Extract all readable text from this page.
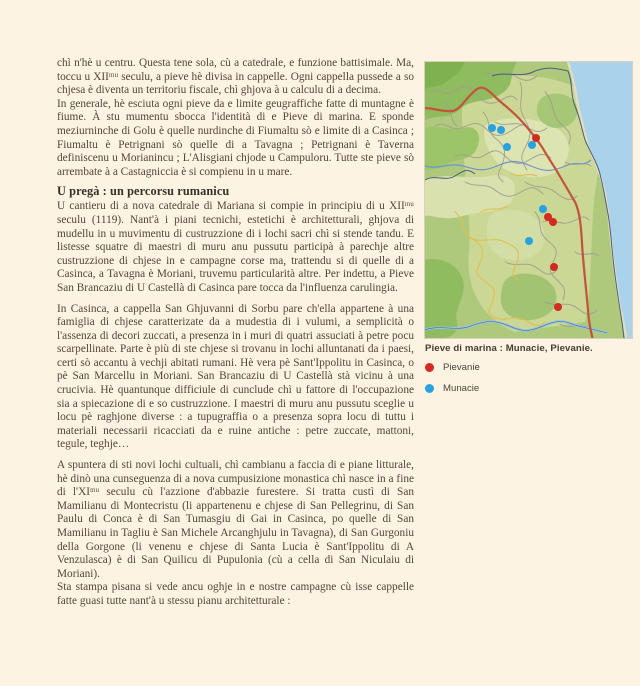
chì n'hè u centru. Questa tene sola, cù a catedrale, e funzione battisimale. Ma, toccu u XIIᵐᵘ seculu, a pieve hè divisa in cappelle. Ogni cappella pussede a so chjesa è diventa un territoriu fiscale, chì ghjova à u calculu di a decima.

In generale, hè esciuta ogni pieve da e limite geugraffiche fatte di muntagne è fiume. À stu mumentu sbocca l'identità di e Pieve di marina. E sponde meziurninche di Golu è quelle nurdinche di Fiumaltu sò e limite di a Casinca ; Fiumaltu è Petrignani sò quelle di a Tavagna ; Petrignani è Taverna definiscenu u Morianincu ; L'Alisgiani chjode u Campuloru. Tutte ste pieve sò arrembate à a Castagniccia è si compienu in u mare.

U pregà : un percorsu rumanicu

U cantieru di a nova catedrale di Mariana si compie in principiu di u XIIᵐᵘ seculu (1119). Nant'à i piani tecnichi, estetichi è architetturali, ghjova di mudellu in u muvimentu di custruzzione di i lochi sacri chì si stende tandu. E listesse squatre di maestri di muru anu pussutu participà à parechje altre custruzzione di chjese in e campagne corse ma, trattendu si di quelle di a Casinca, a Tavagna è Moriani, truvemu particularità altre. Per indettu, a Pieve San Brancaziu di U Castellà di Casinca pare tocca da l'influenza carulingia.

In Casinca, a cappella San Ghjuvanni di Sorbu pare ch'ella appartene à una famiglia di chjese caratterizate da a mudestia di i vulumi, a semplicità o l'assenza di decori zuccati, a presenza in i muri di quatri assuciati à petre pocu scarpellinate. Parte è più di ste chjese si trovanu in lochi alluntanati da i paesi, certi sò accantu à vechji abitati rumani. Hè vera pè Sant'Ippolitu in Casinca, o pè San Marcellu in Moriani. San Brancaziu di U Castellà stà vicinu à una crucivia. Hè quantunque difficiule di cunclude chì u fattore di l'occupazione sia a spiecazione di e so custruzzione. I maestri di muru anu pussutu sceglie u locu pè raghjone diverse : a tupugraffia o a presenza sopra locu di tuttu i materiali necessarii ricacciati da e ruine antiche : petre zuccate, mattoni, tegule, teghje…

A spuntera di sti novi lochi cultuali, chì cambianu a faccia di e piane litturale, hè dinò una cunseguenza di a nova cumpusizione monastica chì nasce in a fine di l'XIᵐᵘ seculu cù l'azzione d'abbazie furestere. Si tratta custì di San Mamilianu di Montecristu (li appartenenu e chjese di San Pellegrinu, di San Paulu di Conca è di San Tumasgiu di Gai in Casinca, po quelle di San Mamilianu in Tagliu è San Michele Arcanghjulu in Tavagna), di San Gurgoniu della Gorgone (li venenu e chjese di Santa Lucia è Sant'Ippolitu di A Venzulasca) è di San Quilicu di Pupulonia (cù a cella di San Niculaiu di Moriani).

Sta stampa pisana si vede ancu oghje in e nostre campagne cù isse cappelle fatte guasi tutte nant'à u stessu pianu architetturale :

Pieve di marina : Munacie, Pievanie.
Pievanie
Munacie
